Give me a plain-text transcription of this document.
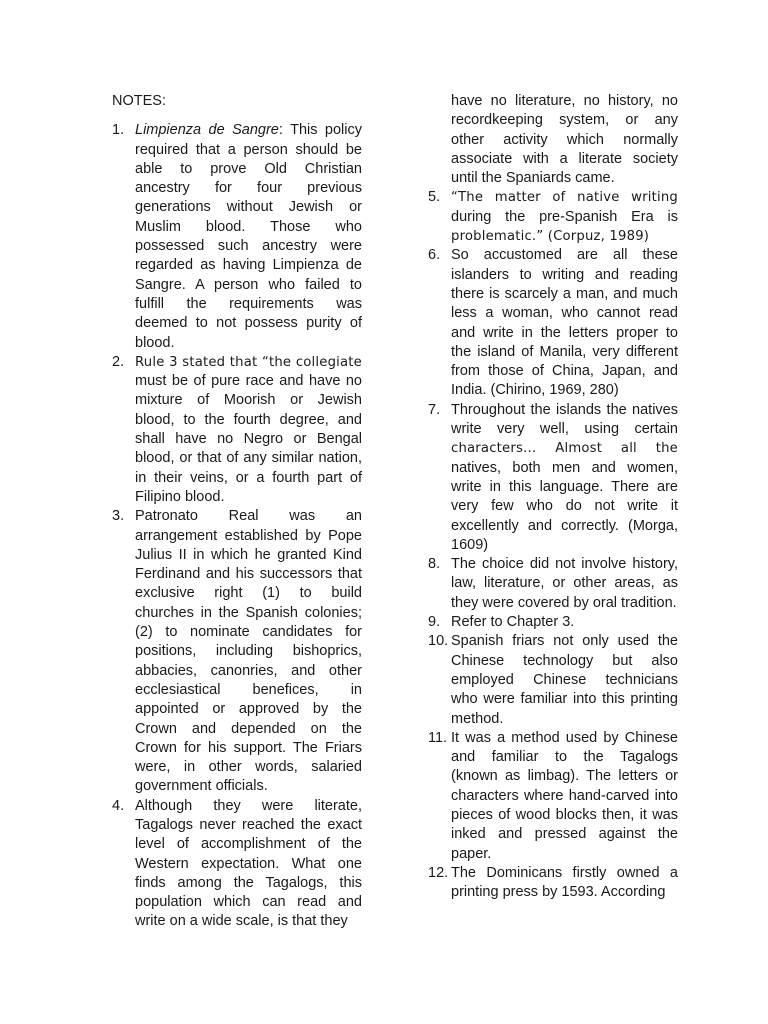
NOTES:

1. Limpienza de Sangre: This policy required that a person should be able to prove Old Christian ancestry for four previous generations without Jewish or Muslim blood. Those who possessed such ancestry were regarded as having Limpienza de Sangre. A person who failed to fulfill the requirements was deemed to not possess purity of blood.

2. Rule 3 stated that “the collegiate must be of pure race and have no mixture of Moorish or Jewish blood, to the fourth degree, and shall have no Negro or Bengal blood, or that of any similar nation, in their veins, or a fourth part of Filipino blood.

3. Patronato Real was an arrangement established by Pope Julius II in which he granted Kind Ferdinand and his successors that exclusive right (1) to build churches in the Spanish colonies; (2) to nominate candidates for positions, including bishoprics, abbacies, canonries, and other ecclesiastical benefices, in appointed or approved by the Crown and depended on the Crown for his support. The Friars were, in other words, salaried government officials.

4. Although they were literate, Tagalogs never reached the exact level of accomplishment of the Western expectation. What one finds among the Tagalogs, this population which can read and write on a wide scale, is that they

have no literature, no history, no recordkeeping system, or any other activity which normally associate with a literate society until the Spaniards came.

5. “The matter of native writing during the pre-Spanish Era is problematic.” (Corpuz, 1989)

6. So accustomed are all these islanders to writing and reading there is scarcely a man, and much less a woman, who cannot read and write in the letters proper to the island of Manila, very different from those of China, Japan, and India. (Chirino, 1969, 280)

7. Throughout the islands the natives write very well, using certain characters… Almost all the natives, both men and women, write in this language. There are very few who do not write it excellently and correctly. (Morga, 1609)

8. The choice did not involve history, law, literature, or other areas, as they were covered by oral tradition.

9. Refer to Chapter 3.

10. Spanish friars not only used the Chinese technology but also employed Chinese technicians who were familiar into this printing method.

11. It was a method used by Chinese and familiar to the Tagalogs (known as limbag). The letters or characters where hand-carved into pieces of wood blocks then, it was inked and pressed against the paper.

12. The Dominicans firstly owned a printing press by 1593. According
